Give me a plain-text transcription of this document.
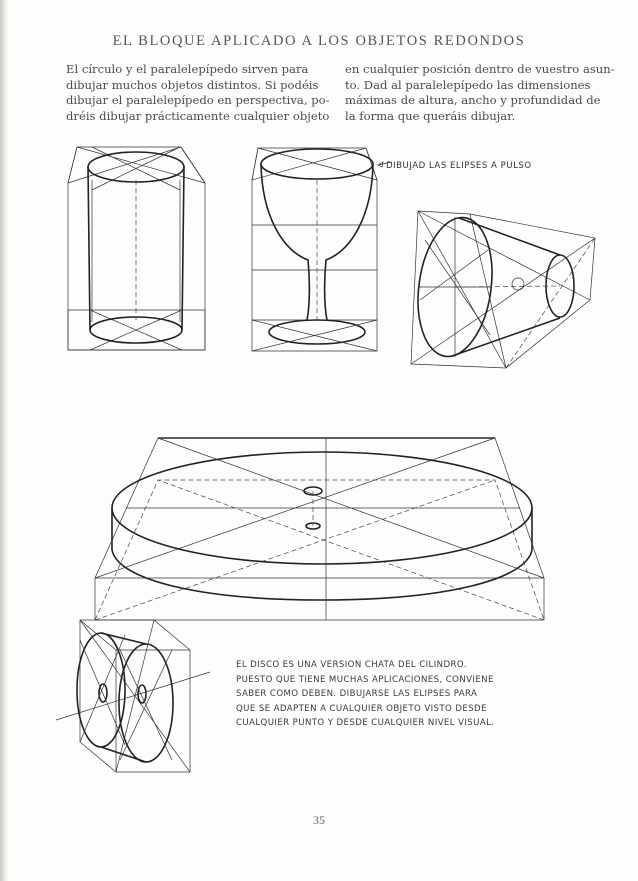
EL BLOQUE APLICADO A LOS OBJETOS REDONDOS
El círculo y el paralelepípedo sirven para
dibujar muchos objetos distintos. Si podéis
dibujar el paralelepípedo en perspectiva, po-
dréis dibujar prácticamente cualquier objeto
en cualquier posición dentro de vuestro asun-
to. Dad al paralelepípedo las dimensiones
máximas de altura, ancho y profundidad de
la forma que queráis dibujar.
DIBUJAD LAS ELIPSES A PULSO
EL DISCO ES UNA VERSION CHATA DEL CILINDRO.
PUESTO QUE TIENE MUCHAS APLICACIONES, CONVIENE
SABER COMO DEBEN. DIBUJARSE LAS ELIPSES PARA
QUE SE ADAPTEN A CUALQUIER OBJETO VISTO DESDE
CUALQUIER PUNTO Y DESDE CUALQUIER NIVEL VISUAL.
35
